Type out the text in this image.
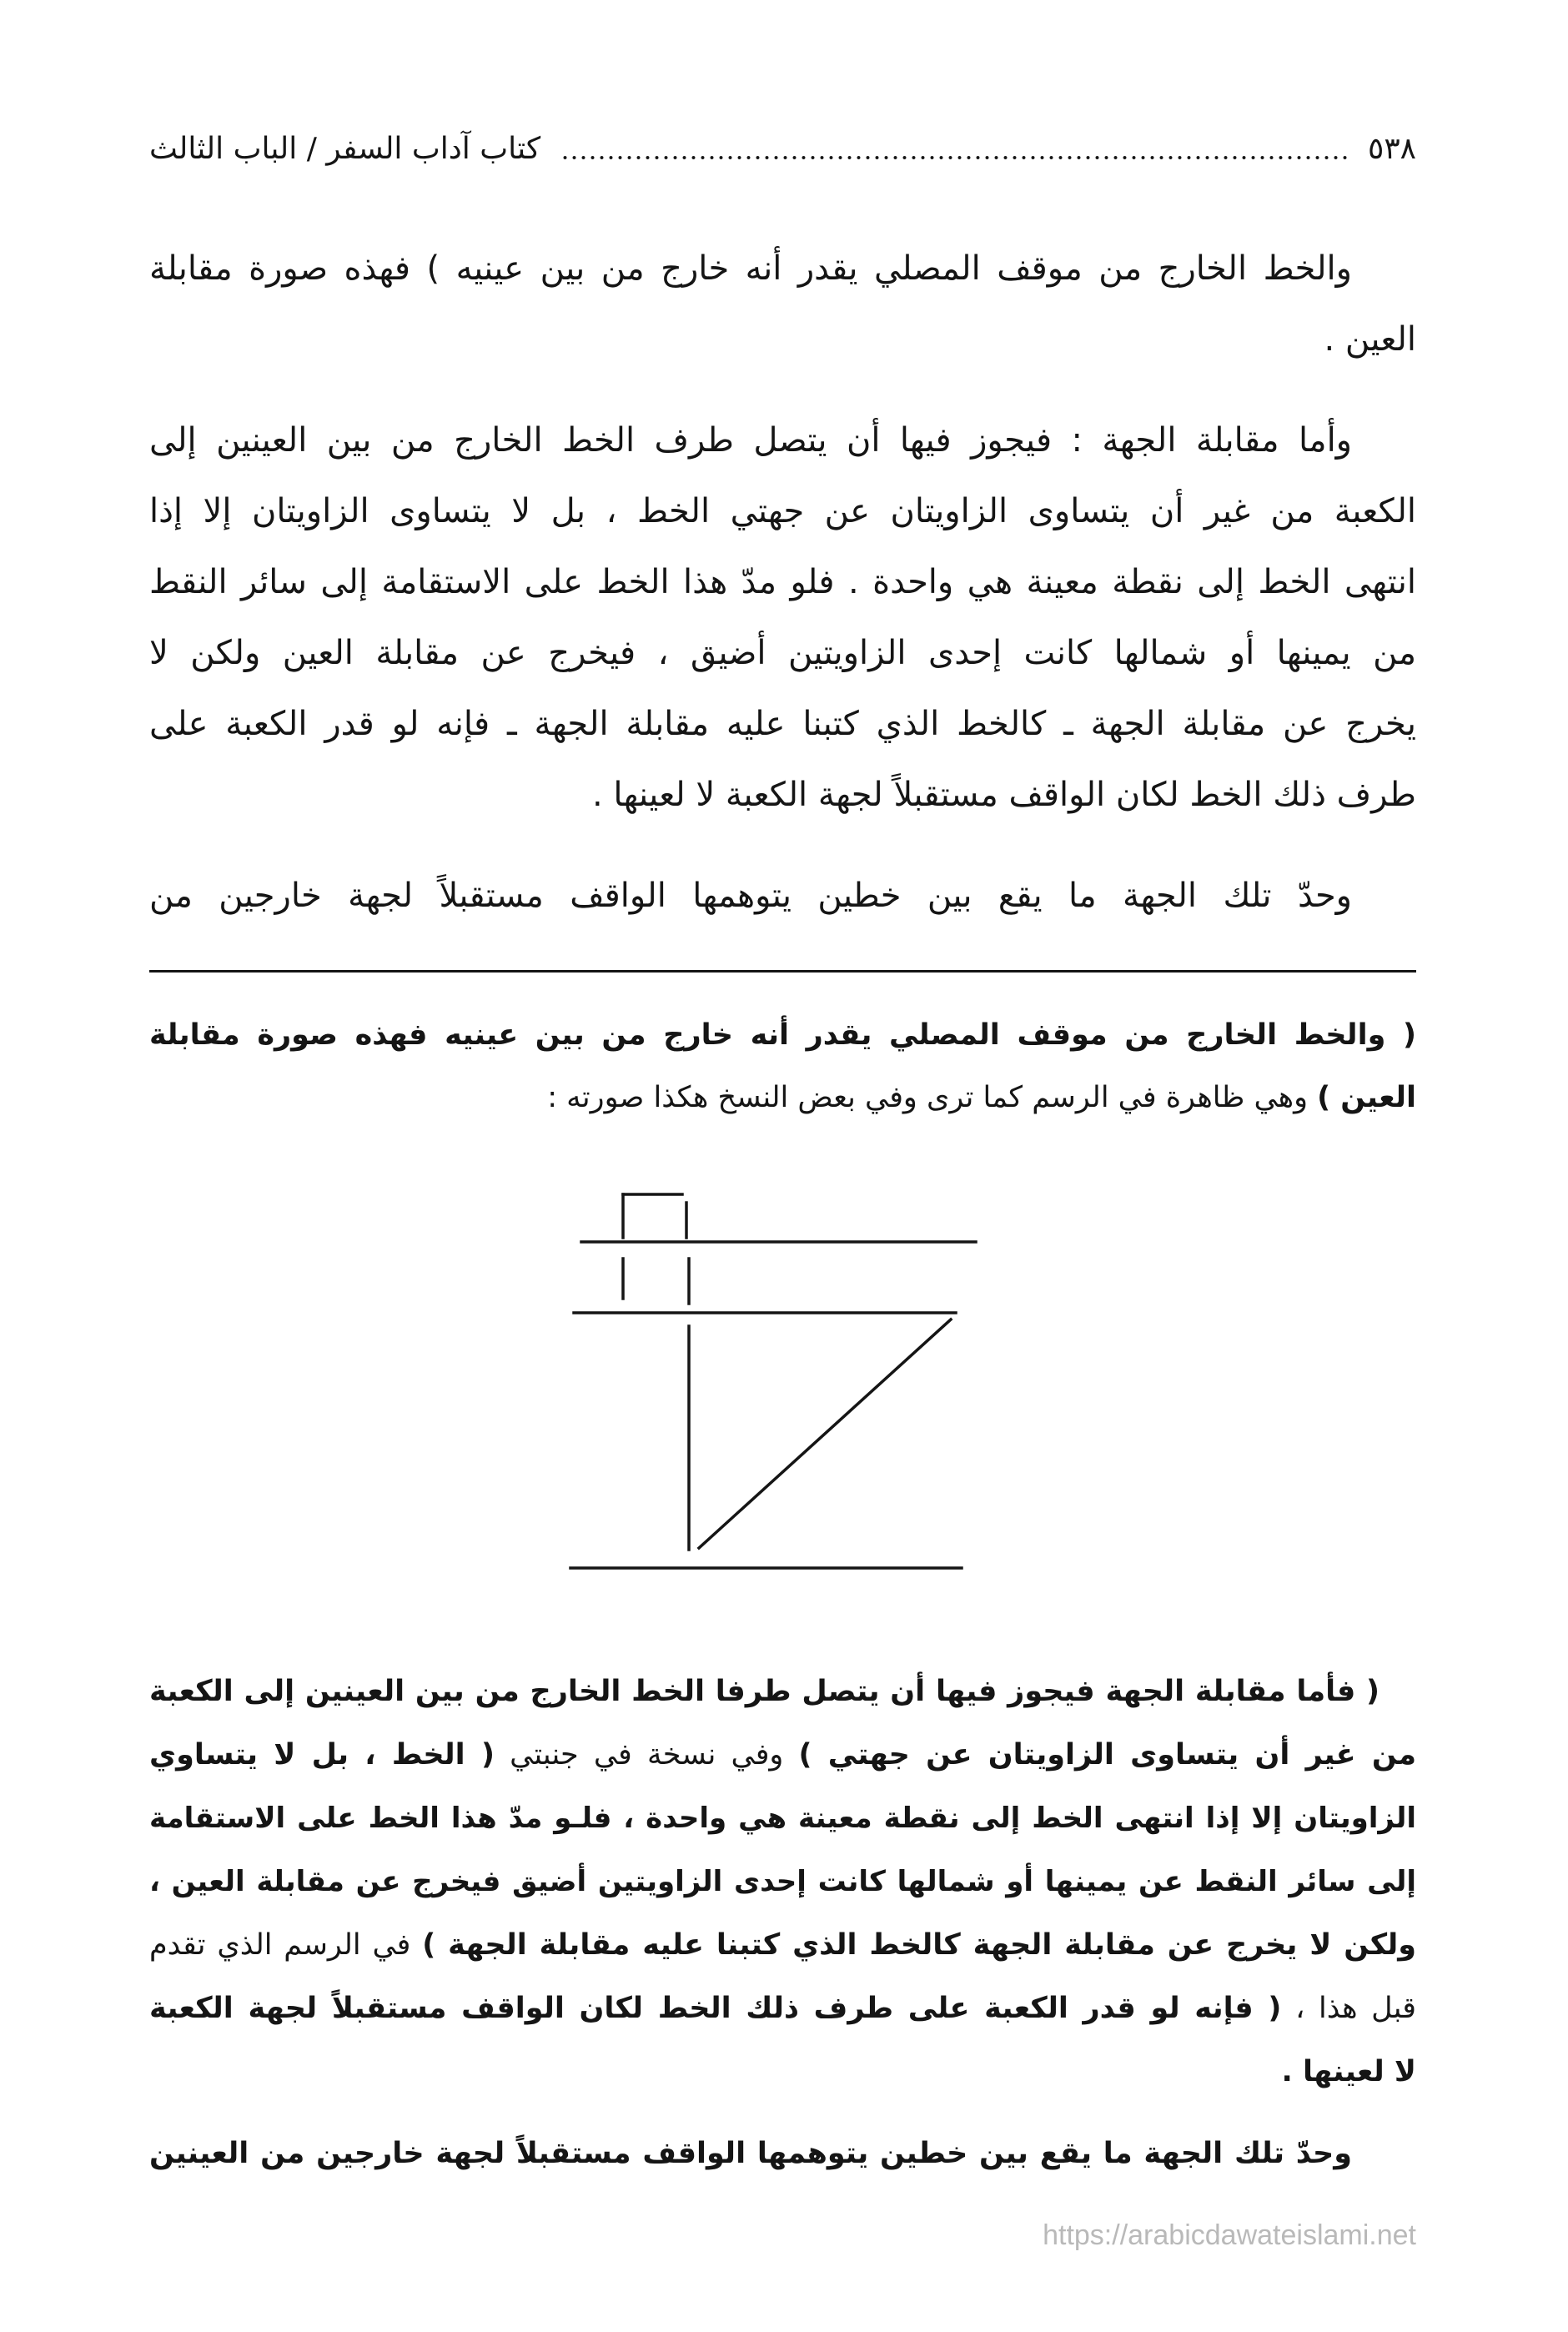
٥٣٨
كتاب آداب السفر / الباب الثالث
والخط الخارج من موقف المصلي يقدر أنه خارج من بين عينيه ) فهذه صورة مقابلة
العين .
وأما مقابلة الجهة : فيجوز فيها أن يتصل طرف الخط الخارج من بين العينين إلى
الكعبة من غير أن يتساوى الزاويتان عن جهتي الخط ، بل لا يتساوى الزاويتان إلا إذا
انتهى الخط إلى نقطة معينة هي واحدة . فلو مدّ هذا الخط على الاستقامة إلى سائر النقط
من يمينها أو شمالها كانت إحدى الزاويتين أضيق ، فيخرج عن مقابلة العين ولكن لا
يخرج عن مقابلة الجهة ـ كالخط الذي كتبنا عليه مقابلة الجهة ـ فإنه لو قدر الكعبة على
طرف ذلك الخط لكان الواقف مستقبلاً لجهة الكعبة لا لعينها .
وحدّ تلك الجهة ما يقع بين خطين يتوهمها الواقف مستقبلاً لجهة خارجين من
( والخط الخارج من موقف المصلي يقدر أنه خارج من بين عينيه فهذه صورة مقابلة
العين ) وهي ظاهرة في الرسم كما ترى وفي بعض النسخ هكذا صورته :
( فأما مقابلة الجهة فيجوز فيها أن يتصل طرفا الخط الخارج من بين العينين إلى الكعبة
من غير أن يتساوى الزاويتان عن جهتي ) وفي نسخة في جنبتي ( الخط ، بل لا يتساوي
الزاويتان إلا إذا انتهى الخط إلى نقطة معينة هي واحدة ، فلـو مدّ هذا الخط على الاستقامة
إلى سائر النقط عن يمينها أو شمالها كانت إحدى الزاويتين أضيق فيخرج عن مقابلة العين ،
ولكن لا يخرج عن مقابلة الجهة كالخط الذي كتبنا عليه مقابلة الجهة ) في الرسم الذي تقدم
قبل هذا ، ( فإنه لو قدر الكعبة على طرف ذلك الخط لكان الواقف مستقبلاً لجهة الكعبة
لا لعينها .
وحدّ تلك الجهة ما يقع بين خطين يتوهمها الواقف مستقبلاً لجهة خارجين من العينين
https://arabicdawateislami.net
